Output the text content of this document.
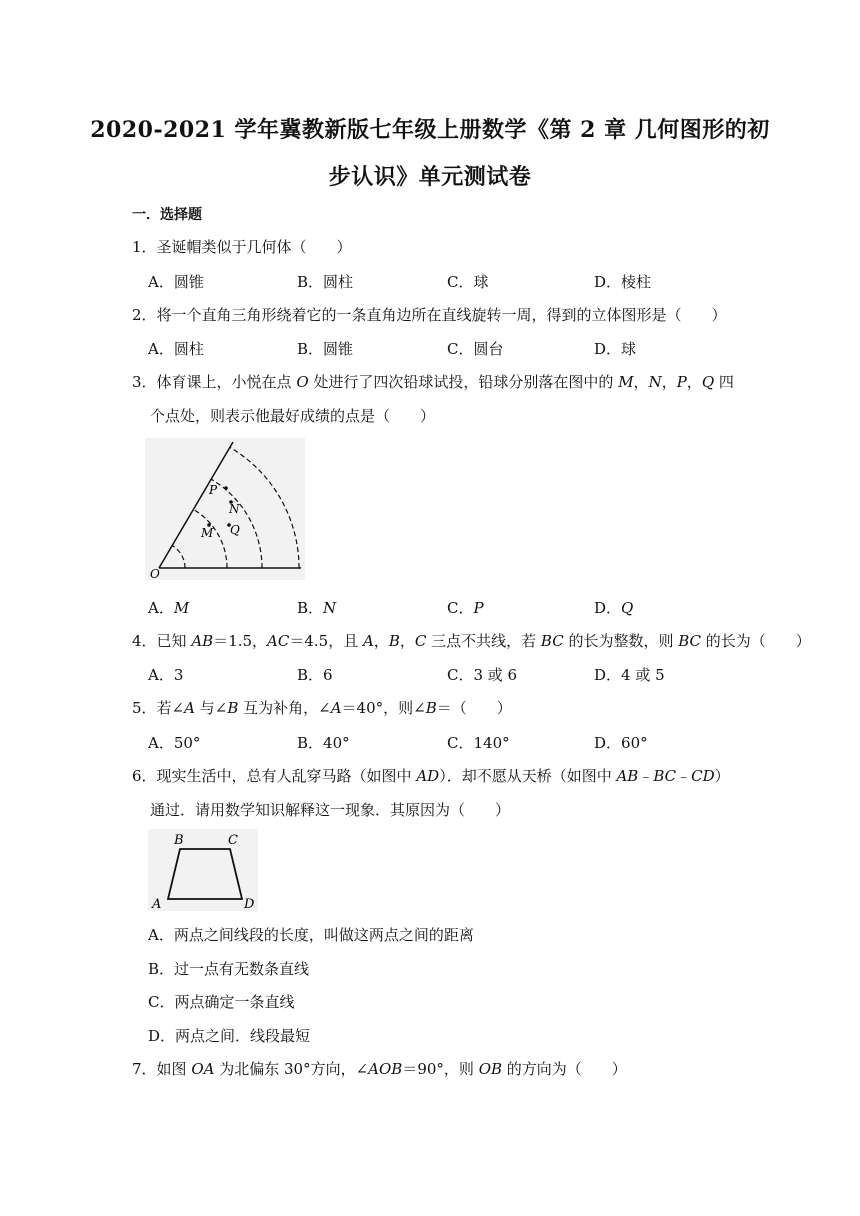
2020-2021 学年冀教新版七年级上册数学《第 2 章 几何图形的初
步认识》单元测试卷
一．选择题
1．圣诞帽类似于几何体（　　）
A．圆锥	B．圆柱	C．球	D．棱柱
2．将一个直角三角形绕着它的一条直角边所在直线旋转一周，得到的立体图形是（　　）
A．圆柱	B．圆锥	C．圆台	D．球
3．体育课上，小悦在点 O 处进行了四次铅球试投，铅球分别落在图中的 M，N，P，Q 四
个点处，则表示他最好成绩的点是（　　）
P
N
M Q
O
A．M	B．N	C．P	D．Q
4．已知 AB＝1.5，AC＝4.5，且 A，B，C 三点不共线，若 BC 的长为整数，则 BC 的长为（　　）
A．3	B．6	C．3 或 6	D．4 或 5
5．若∠A 与∠B 互为补角，∠A＝40°，则∠B＝（　　）
A．50°	B．40°	C．140°	D．60°
6．现实生活中，总有人乱穿马路（如图中 AD）．却不愿从天桥（如图中 AB﹣BC﹣CD）
通过．请用数学知识解释这一现象．其原因为（　　）
B	C
A	D
A．两点之间线段的长度，叫做这两点之间的距离
B．过一点有无数条直线
C．两点确定一条直线
D．两点之间．线段最短
7．如图 OA 为北偏东 30°方向，∠AOB＝90°，则 OB 的方向为（　　）
